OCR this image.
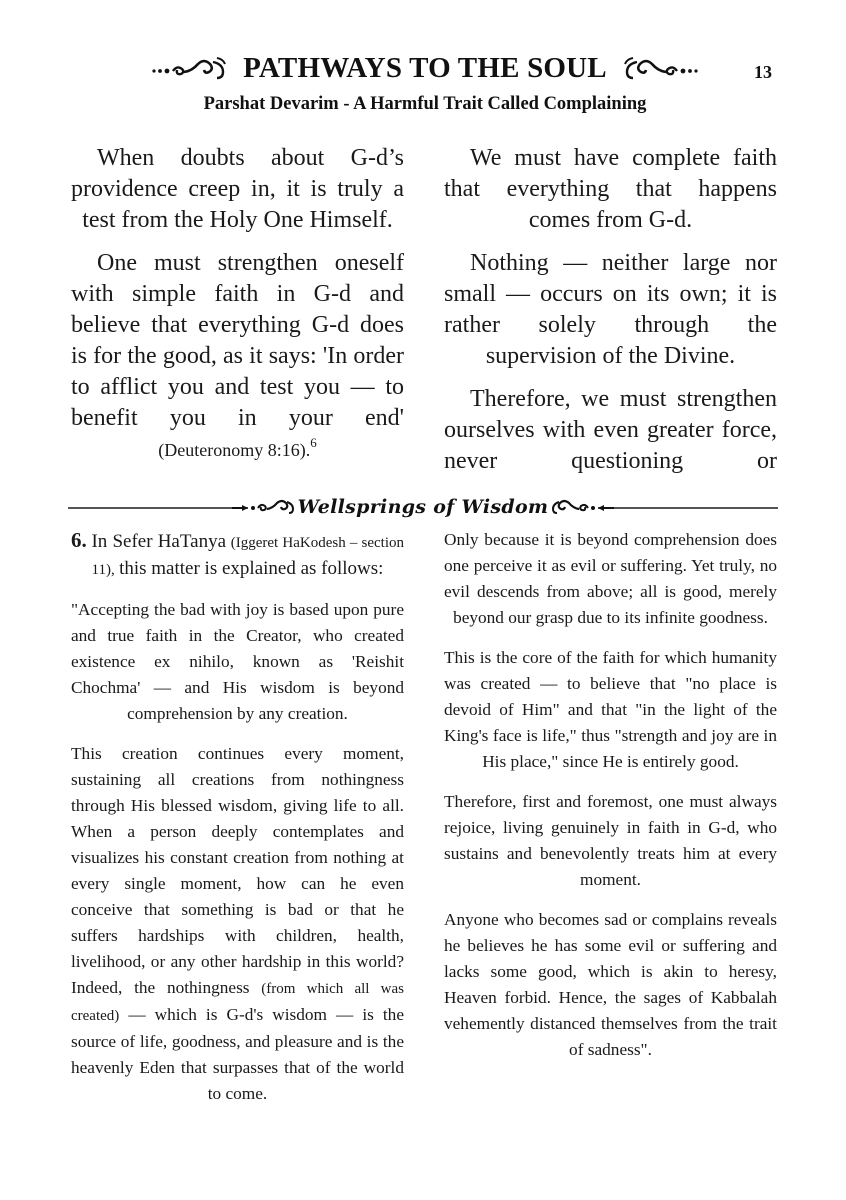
PATHWAYS TO THE SOUL	13
Parshat Devarim - A Harmful Trait Called Complaining

When doubts about G-d’s providence creep in, it is truly a test from the Holy One Himself.

One must strengthen oneself with simple faith in G-d and believe that everything G-d does is for the good, as it says: 'In order to afflict you and test you — to benefit you in your end' (Deuteronomy 8:16).$^6$

We must have complete faith that everything that happens comes from G-d.

Nothing — neither large nor small — occurs on its own; it is rather solely through the supervision of the Divine.

Therefore, we must strengthen ourselves with even greater force, never questioning or

Wellsprings of Wisdom

6. In Sefer HaTanya (Iggeret HaKodesh – section 11), this matter is explained as follows:

"Accepting the bad with joy is based upon pure and true faith in the Creator, who created existence ex nihilo, known as 'Reishit Chochma' — and His wisdom is beyond comprehension by any creation.

This creation continues every moment, sustaining all creations from nothingness through His blessed wisdom, giving life to all. When a person deeply contemplates and visualizes his constant creation from nothing at every single moment, how can he even conceive that something is bad or that he suffers hardships with children, health, livelihood, or any other hardship in this world? Indeed, the nothingness (from which all was created) — which is G-d's wisdom — is the source of life, goodness, and pleasure and is the heavenly Eden that surpasses that of the world to come.

Only because it is beyond comprehension does one perceive it as evil or suffering. Yet truly, no evil descends from above; all is good, merely beyond our grasp due to its infinite goodness.

This is the core of the faith for which humanity was created — to believe that "no place is devoid of Him" and that "in the light of the King's face is life," thus "strength and joy are in His place," since He is entirely good.

Therefore, first and foremost, one must always rejoice, living genuinely in faith in G-d, who sustains and benevolently treats him at every moment.

Anyone who becomes sad or complains reveals he believes he has some evil or suffering and lacks some good, which is akin to heresy, Heaven forbid. Hence, the sages of Kabbalah vehemently distanced themselves from the trait of sadness".
